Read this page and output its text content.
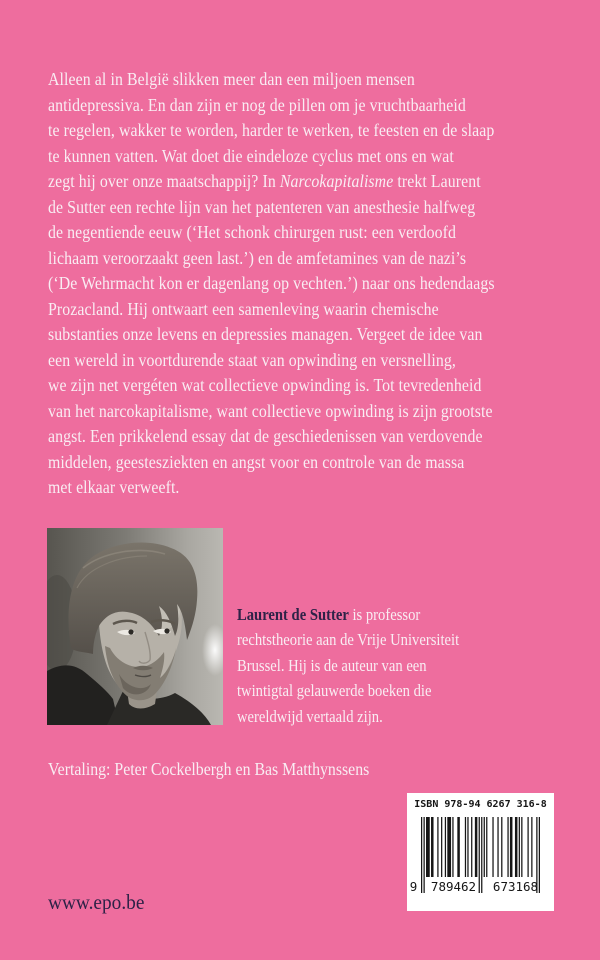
Alleen al in België slikken meer dan een miljoen mensen
antidepressiva. En dan zijn er nog de pillen om je vruchtbaarheid
te regelen, wakker te worden, harder te werken, te feesten en de slaap
te kunnen vatten. Wat doet die eindeloze cyclus met ons en wat
zegt hij over onze maatschappij? In Narcokapitalisme trekt Laurent
de Sutter een rechte lijn van het patenteren van anesthesie halfweg
de negentiende eeuw (‘Het schonk chirurgen rust: een verdoofd
lichaam veroorzaakt geen last.’) en de amfetamines van de nazi’s
(‘De Wehrmacht kon er dagenlang op vechten.’) naar ons hedendaags
Prozacland. Hij ontwaart een samenleving waarin chemische
substanties onze levens en depressies managen. Vergeet de idee van
een wereld in voortdurende staat van opwinding en versnelling,
we zijn net vergéten wat collectieve opwinding is. Tot tevredenheid
van het narcokapitalisme, want collectieve opwinding is zijn grootste
angst. Een prikkelend essay dat de geschiedenissen van verdovende
middelen, geestesziekten en angst voor en controle van de massa
met elkaar verweeft.
Laurent de Sutter is professor
rechtstheorie aan de Vrije Universiteit
Brussel. Hij is de auteur van een
twintigtal gelauwerde boeken die
wereldwijd vertaald zijn.
Vertaling: Peter Cockelbergh en Bas Matthynssens
ISBN 978-94 6267 316-8
9	789462	673168
www.epo.be
